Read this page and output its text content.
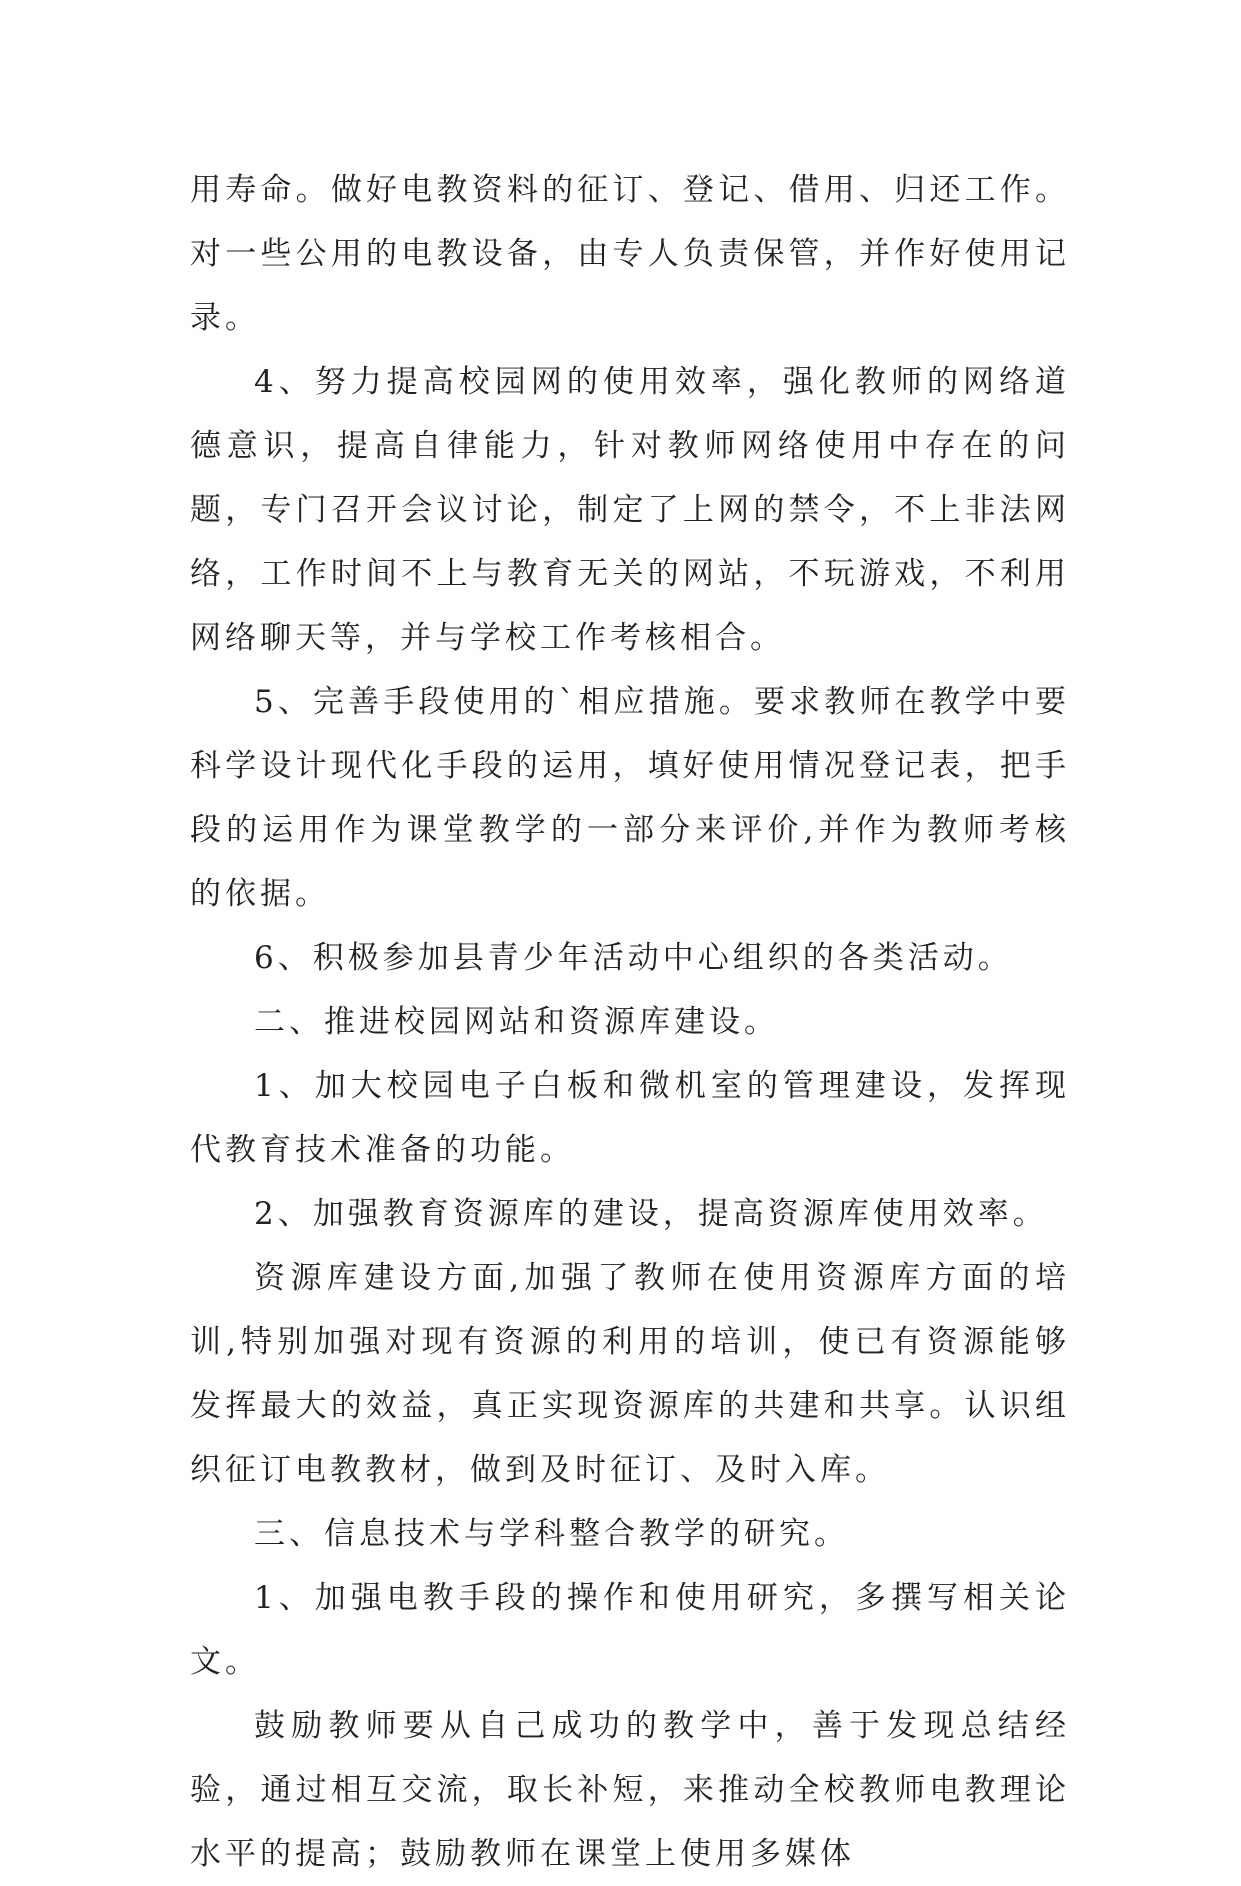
用寿命。做好电教资料的征订、登记、借用、归还工作。对一些公用的电教设备，由专人负责保管，并作好使用记录。

4、努力提高校园网的使用效率，强化教师的网络道德意识，提高自律能力，针对教师网络使用中存在的问题，专门召开会议讨论，制定了上网的禁令，不上非法网络，工作时间不上与教育无关的网站，不玩游戏，不利用网络聊天等，并与学校工作考核相合。

5、完善手段使用的`相应措施。要求教师在教学中要科学设计现代化手段的运用，填好使用情况登记表，把手段的运用作为课堂教学的一部分来评价,并作为教师考核的依据。

6、积极参加县青少年活动中心组织的各类活动。

二、推进校园网站和资源库建设。

1、加大校园电子白板和微机室的管理建设，发挥现代教育技术准备的功能。

2、加强教育资源库的建设，提高资源库使用效率。

资源库建设方面,加强了教师在使用资源库方面的培训,特别加强对现有资源的利用的培训，使已有资源能够发挥最大的效益，真正实现资源库的共建和共享。认识组织征订电教教材，做到及时征订、及时入库。

三、信息技术与学科整合教学的研究。

1、加强电教手段的操作和使用研究，多撰写相关论文。

鼓励教师要从自己成功的教学中，善于发现总结经验，通过相互交流，取长补短，来推动全校教师电教理论水平的提高；鼓励教师在课堂上使用多媒体
